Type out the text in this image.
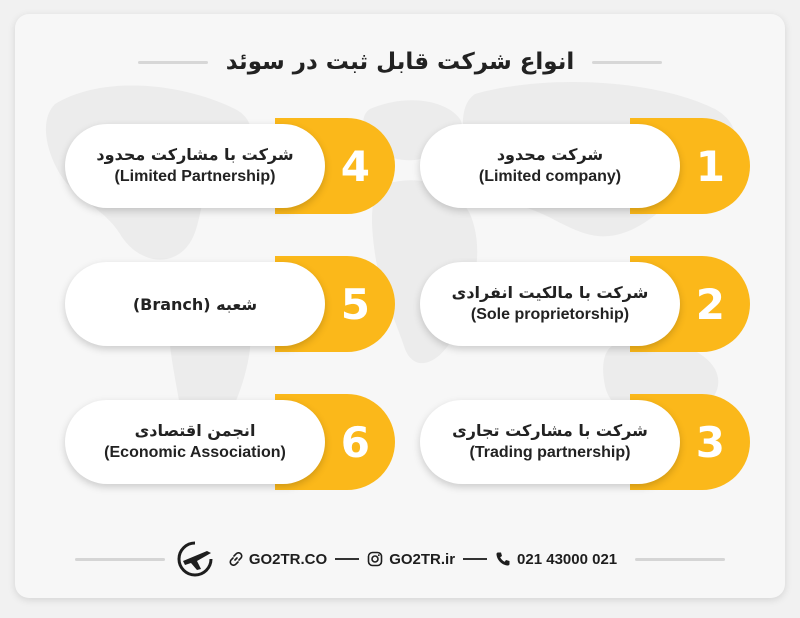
انواع شرکت قابل ثبت در سوئد
1
شرکت محدود
(Limited company)
2
شرکت با مالکیت انفرادی
(Sole proprietorship)
3
شرکت با مشارکت تجاری
(Trading partnership)
4
شرکت با مشارکت محدود
(Limited Partnership)
5
شعبه (Branch)
6
انجمن اقتصادی
(Economic Association)
GO2TR.CO	GO2TR.ir	021 43000 021
